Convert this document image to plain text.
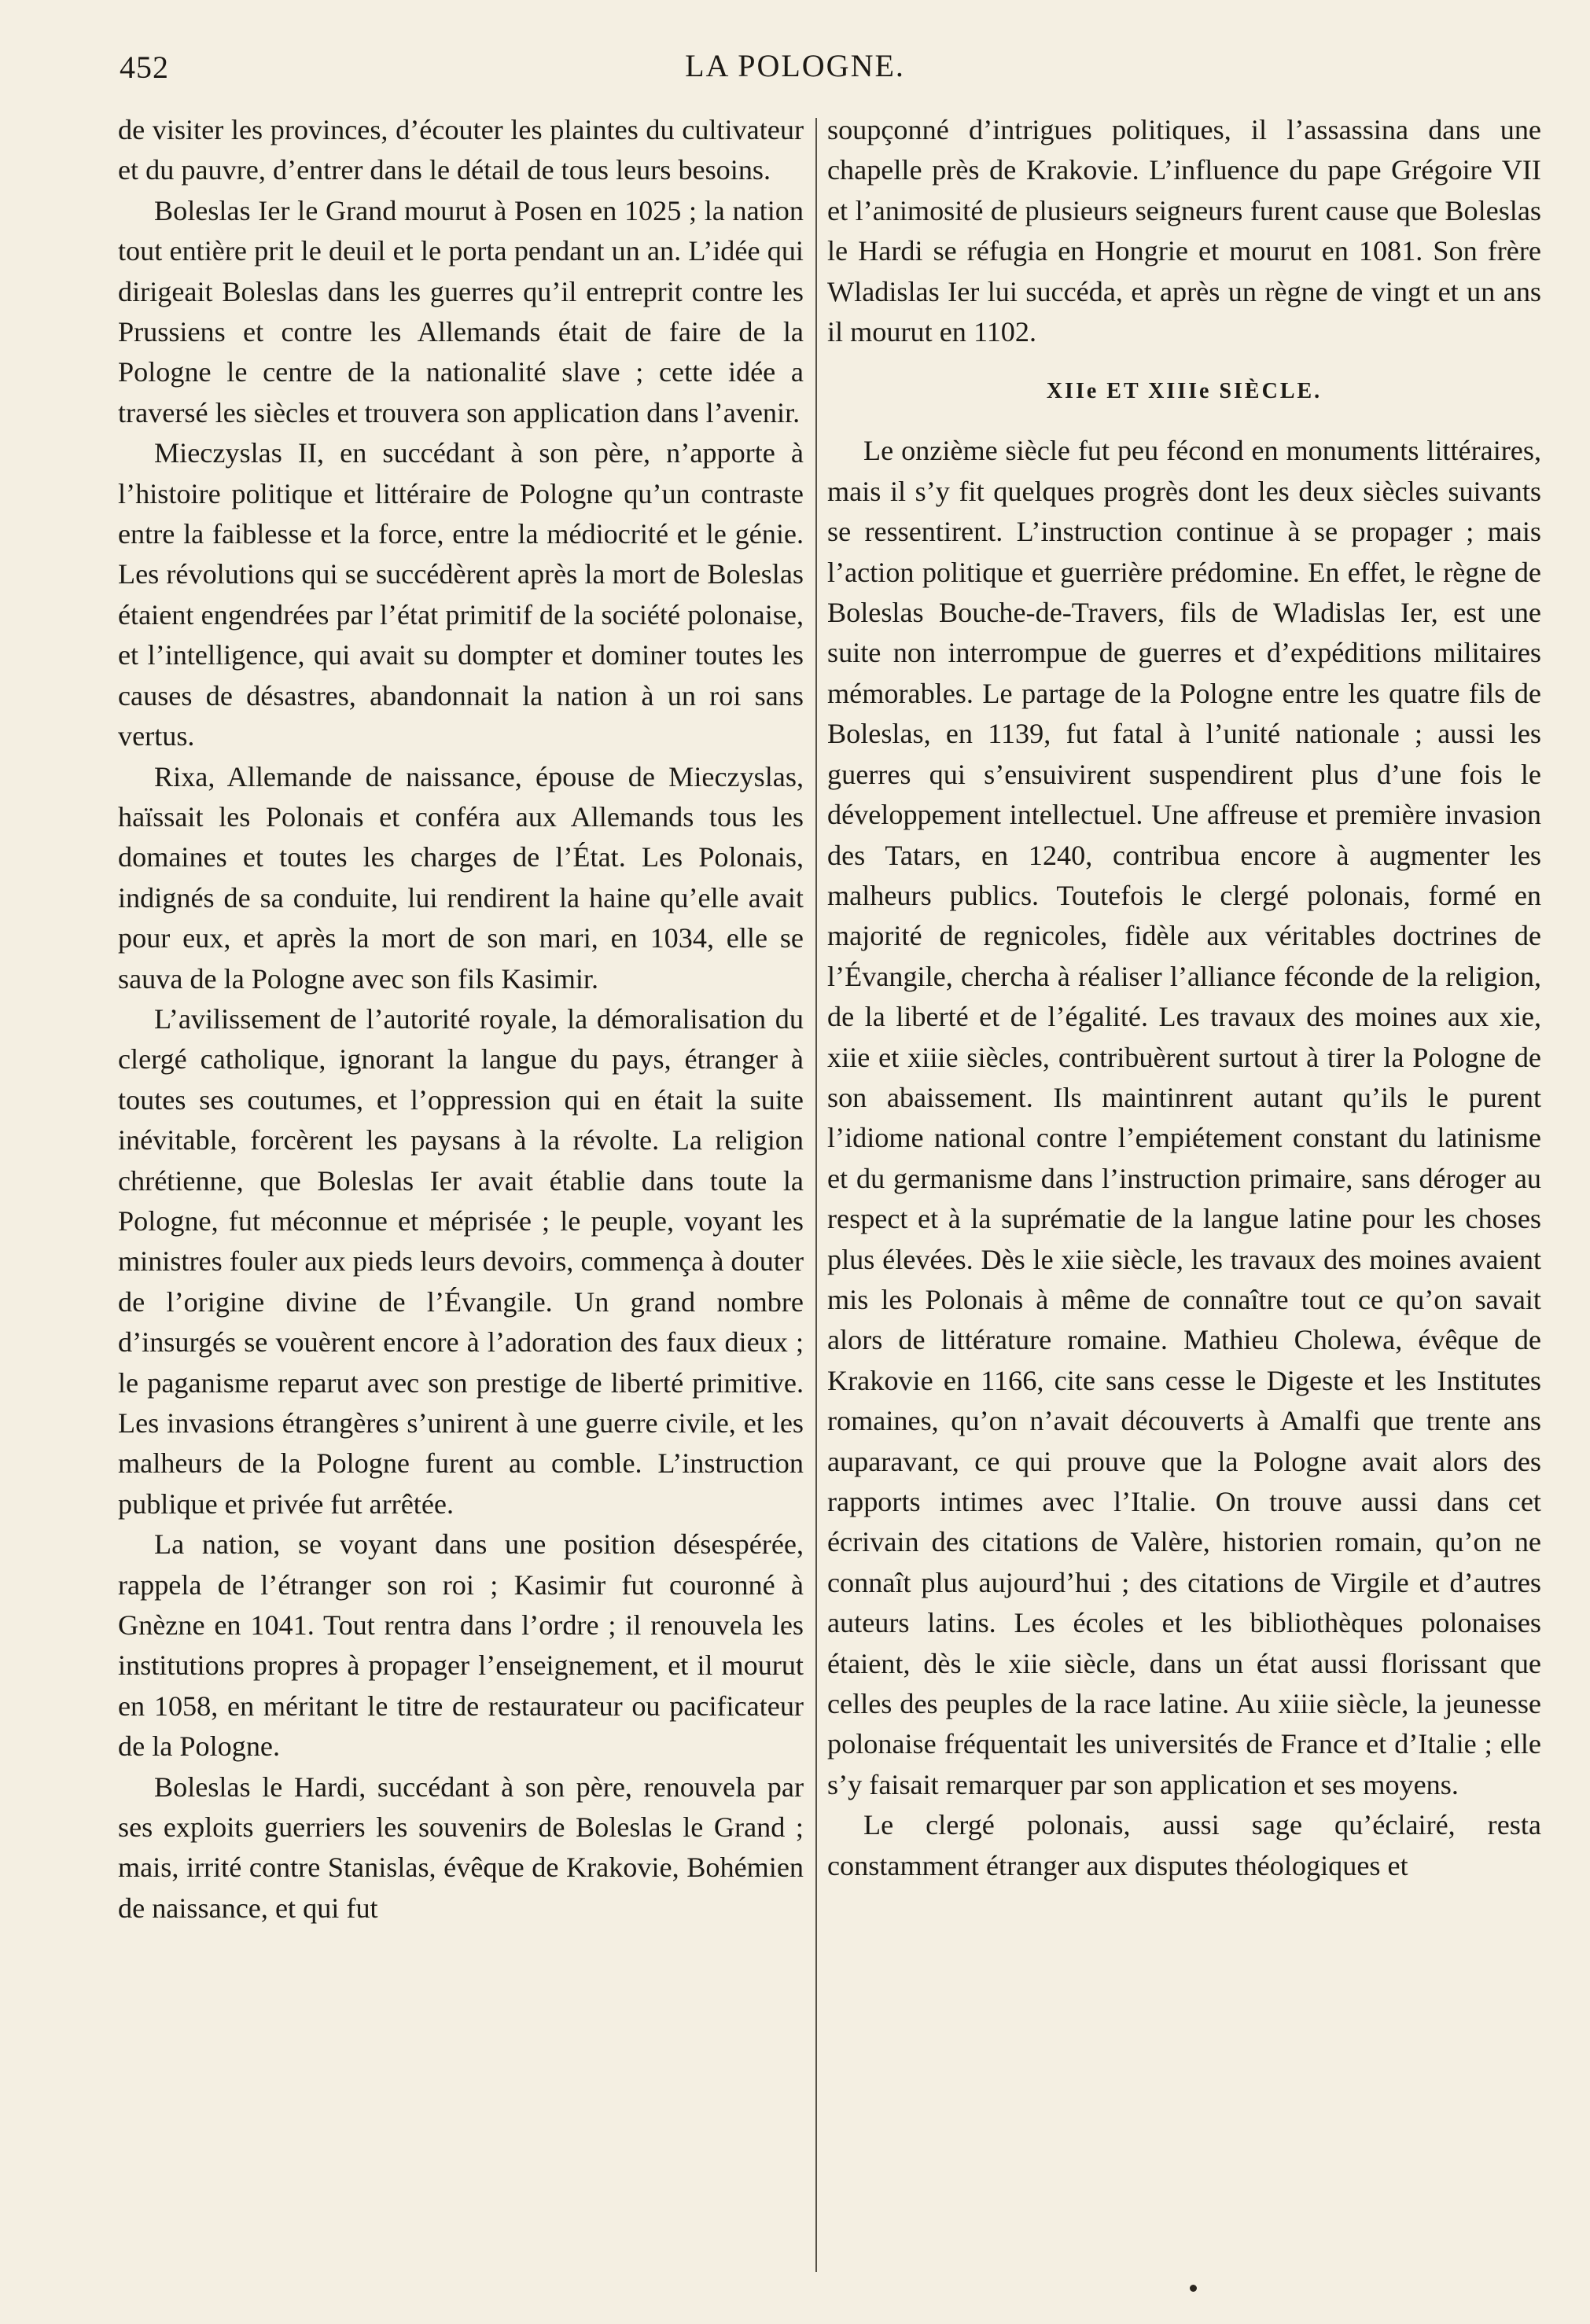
452	LA POLOGNE.

de visiter les provinces, d’écouter les plaintes du cultivateur et du pauvre, d’entrer dans le détail de tous leurs besoins.

Boleslas Ier le Grand mourut à Posen en 1025 ; la nation tout entière prit le deuil et le porta pendant un an. L’idée qui dirigeait Boleslas dans les guerres qu’il entreprit contre les Prussiens et contre les Allemands était de faire de la Pologne le centre de la nationalité slave ; cette idée a traversé les siècles et trouvera son application dans l’avenir.

Mieczyslas II, en succédant à son père, n’apporte à l’histoire politique et littéraire de Pologne qu’un contraste entre la faiblesse et la force, entre la médiocrité et le génie. Les révolutions qui se succédèrent après la mort de Boleslas étaient engendrées par l’état primitif de la société polonaise, et l’intelligence, qui avait su dompter et dominer toutes les causes de désastres, abandonnait la nation à un roi sans vertus.

Rixa, Allemande de naissance, épouse de Mieczyslas, haïssait les Polonais et conféra aux Allemands tous les domaines et toutes les charges de l’État. Les Polonais, indignés de sa conduite, lui rendirent la haine qu’elle avait pour eux, et après la mort de son mari, en 1034, elle se sauva de la Pologne avec son fils Kasimir.

L’avilissement de l’autorité royale, la démoralisation du clergé catholique, ignorant la langue du pays, étranger à toutes ses coutumes, et l’oppression qui en était la suite inévitable, forcèrent les paysans à la révolte. La religion chrétienne, que Boleslas Ier avait établie dans toute la Pologne, fut méconnue et méprisée ; le peuple, voyant les ministres fouler aux pieds leurs devoirs, commença à douter de l’origine divine de l’Évangile. Un grand nombre d’insurgés se vouèrent encore à l’adoration des faux dieux ; le paganisme reparut avec son prestige de liberté primitive. Les invasions étrangères s’unirent à une guerre civile, et les malheurs de la Pologne furent au comble. L’instruction publique et privée fut arrêtée.

La nation, se voyant dans une position désespérée, rappela de l’étranger son roi ; Kasimir fut couronné à Gnèzne en 1041. Tout rentra dans l’ordre ; il renouvela les institutions propres à propager l’enseignement, et il mourut en 1058, en méritant le titre de restaurateur ou pacificateur de la Pologne.

Boleslas le Hardi, succédant à son père, renouvela par ses exploits guerriers les souvenirs de Boleslas le Grand ; mais, irrité contre Stanislas, évêque de Krakovie, Bohémien de naissance, et qui fut

soupçonné d’intrigues politiques, il l’assassina dans une chapelle près de Krakovie. L’influence du pape Grégoire VII et l’animosité de plusieurs seigneurs furent cause que Boleslas le Hardi se réfugia en Hongrie et mourut en 1081. Son frère Wladislas Ier lui succéda, et après un règne de vingt et un ans il mourut en 1102.

XIIe ET XIIIe SIÈCLE.

Le onzième siècle fut peu fécond en monuments littéraires, mais il s’y fit quelques progrès dont les deux siècles suivants se ressentirent. L’instruction continue à se propager ; mais l’action politique et guerrière prédomine. En effet, le règne de Boleslas Bouche-de-Travers, fils de Wladislas Ier, est une suite non interrompue de guerres et d’expéditions militaires mémorables. Le partage de la Pologne entre les quatre fils de Boleslas, en 1139, fut fatal à l’unité nationale ; aussi les guerres qui s’ensuivirent suspendirent plus d’une fois le développement intellectuel. Une affreuse et première invasion des Tatars, en 1240, contribua encore à augmenter les malheurs publics. Toutefois le clergé polonais, formé en majorité de regnicoles, fidèle aux véritables doctrines de l’Évangile, chercha à réaliser l’alliance féconde de la religion, de la liberté et de l’égalité. Les travaux des moines aux xie, xiie et xiiie siècles, contribuèrent surtout à tirer la Pologne de son abaissement. Ils maintinrent autant qu’ils le purent l’idiome national contre l’empiétement constant du latinisme et du germanisme dans l’instruction primaire, sans déroger au respect et à la suprématie de la langue latine pour les choses plus élevées. Dès le xiie siècle, les travaux des moines avaient mis les Polonais à même de connaître tout ce qu’on savait alors de littérature romaine. Mathieu Cholewa, évêque de Krakovie en 1166, cite sans cesse le Digeste et les Institutes romaines, qu’on n’avait découverts à Amalfi que trente ans auparavant, ce qui prouve que la Pologne avait alors des rapports intimes avec l’Italie. On trouve aussi dans cet écrivain des citations de Valère, historien romain, qu’on ne connaît plus aujourd’hui ; des citations de Virgile et d’autres auteurs latins. Les écoles et les bibliothèques polonaises étaient, dès le xiie siècle, dans un état aussi florissant que celles des peuples de la race latine. Au xiiie siècle, la jeunesse polonaise fréquentait les universités de France et d’Italie ; elle s’y faisait remarquer par son application et ses moyens.

Le clergé polonais, aussi sage qu’éclairé, resta constamment étranger aux disputes théologiques et
